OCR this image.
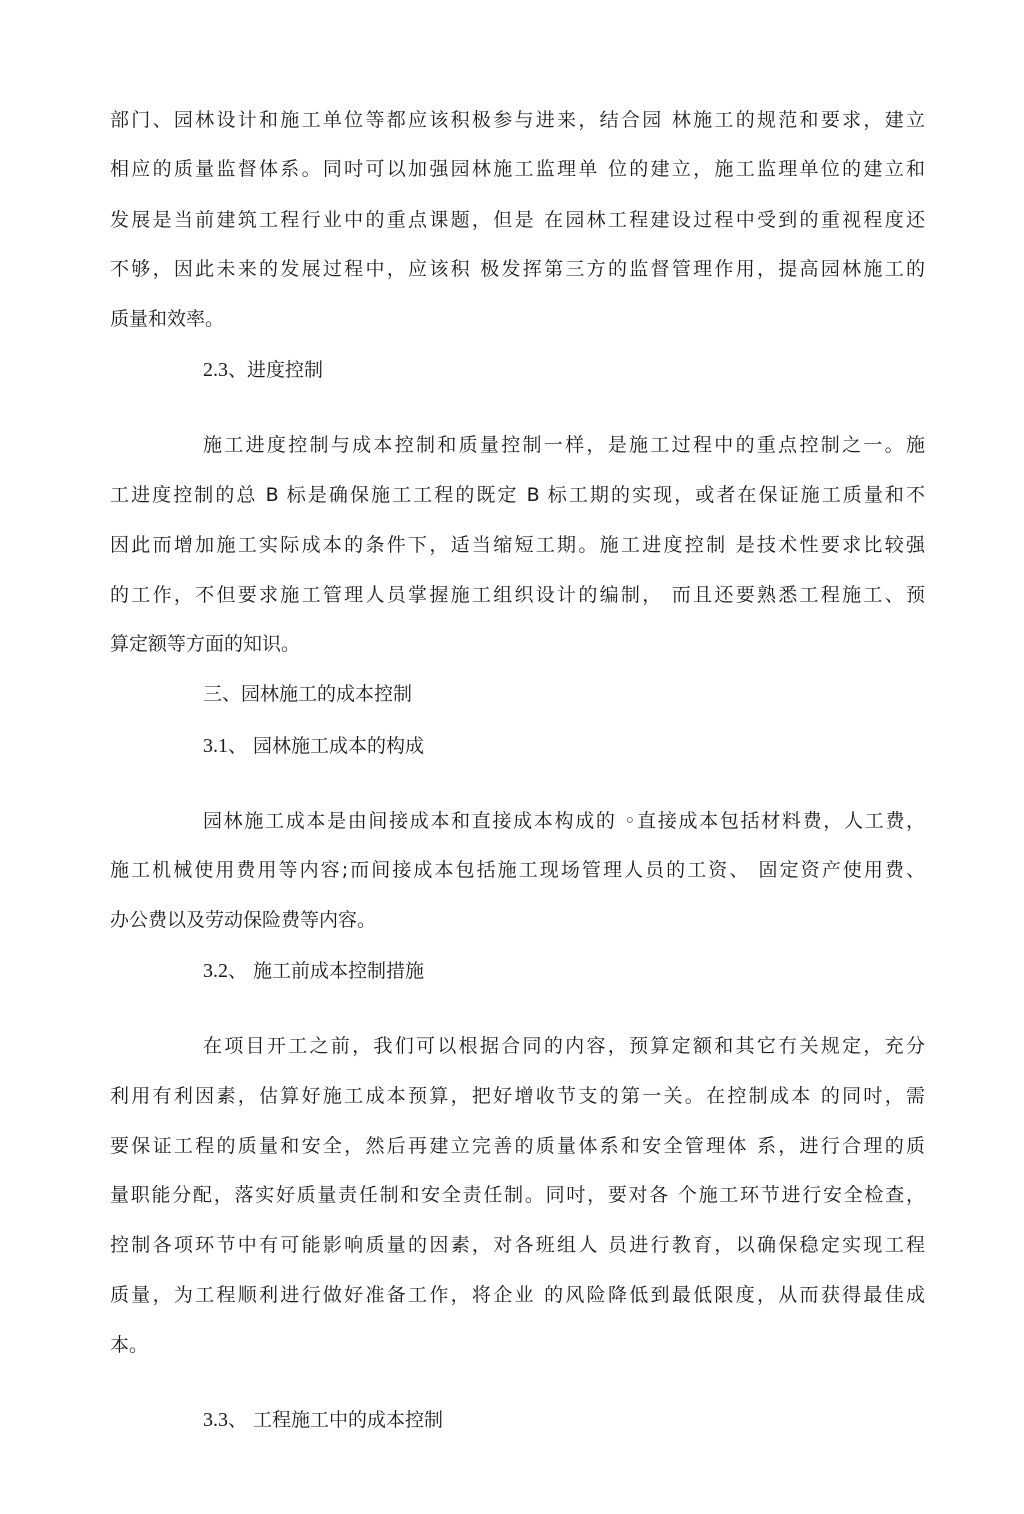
部门、园林设计和施工单位等都应该积极参与进来，结合园 林施工的规范和要求，建立
相应的质量监督体系。同吋可以加强园林施工监理单 位的建立，施工监理单位的建立和
发展是当前建筑工程行业中的重点课题，但是 在园林工程建设过程中受到的重视程度还
不够，因此未来的发展过程中，应该积 极发挥第三方的监督管理作用，提高园林施工的
质量和效率。
2.3、进度控制
施工进度控制与成本控制和质量控制一样，是施工过程中的重点控制之一。施
工进度控制的总 B 标是确保施工工程的既定 B 标工期的实现，或者在保证施工质量和不
因此而增加施工实际成本的条件下，适当缩短工期。施工进度控制 是技术性要求比较强
的工作，不但要求施工管理人员掌握施工组织设计的编制， 而且还要熟悉工程施工、预
算定额等方面的知识。
三、园林施工的成本控制
3.1、 园林施工成本的构成
园林施工成本是由间接成本和直接成本构成的 ◦直接成本包括材料费，人工费，
施工机械使用费用等内容;而间接成本包括施工现场管理人员的工资、 固定资产使用费、
办公费以及劳动保险费等内容。
3.2、 施工前成本控制措施
在项目开工之前，我们可以根据合同的内容，预算定额和其它冇关规定，充分
利用有利因素，估算好施工成本预算，把好增收节支的第一关。在控制成本 的同吋，需
要保证工程的质量和安全，然后再建立完善的质量体系和安全管理体 系，进行合理的质
量职能分配，落实好质量责任制和安全责任制。同吋，要对各 个施工环节进行安全检查，
控制各项环节中有可能影响质量的因素，对各班组人 员进行教育，以确保稳定实现工程
质量，为工程顺利进行做好准备工作，将企业 的风险降低到最低限度，从而获得最佳成
本。
3.3、 工程施工中的成本控制
